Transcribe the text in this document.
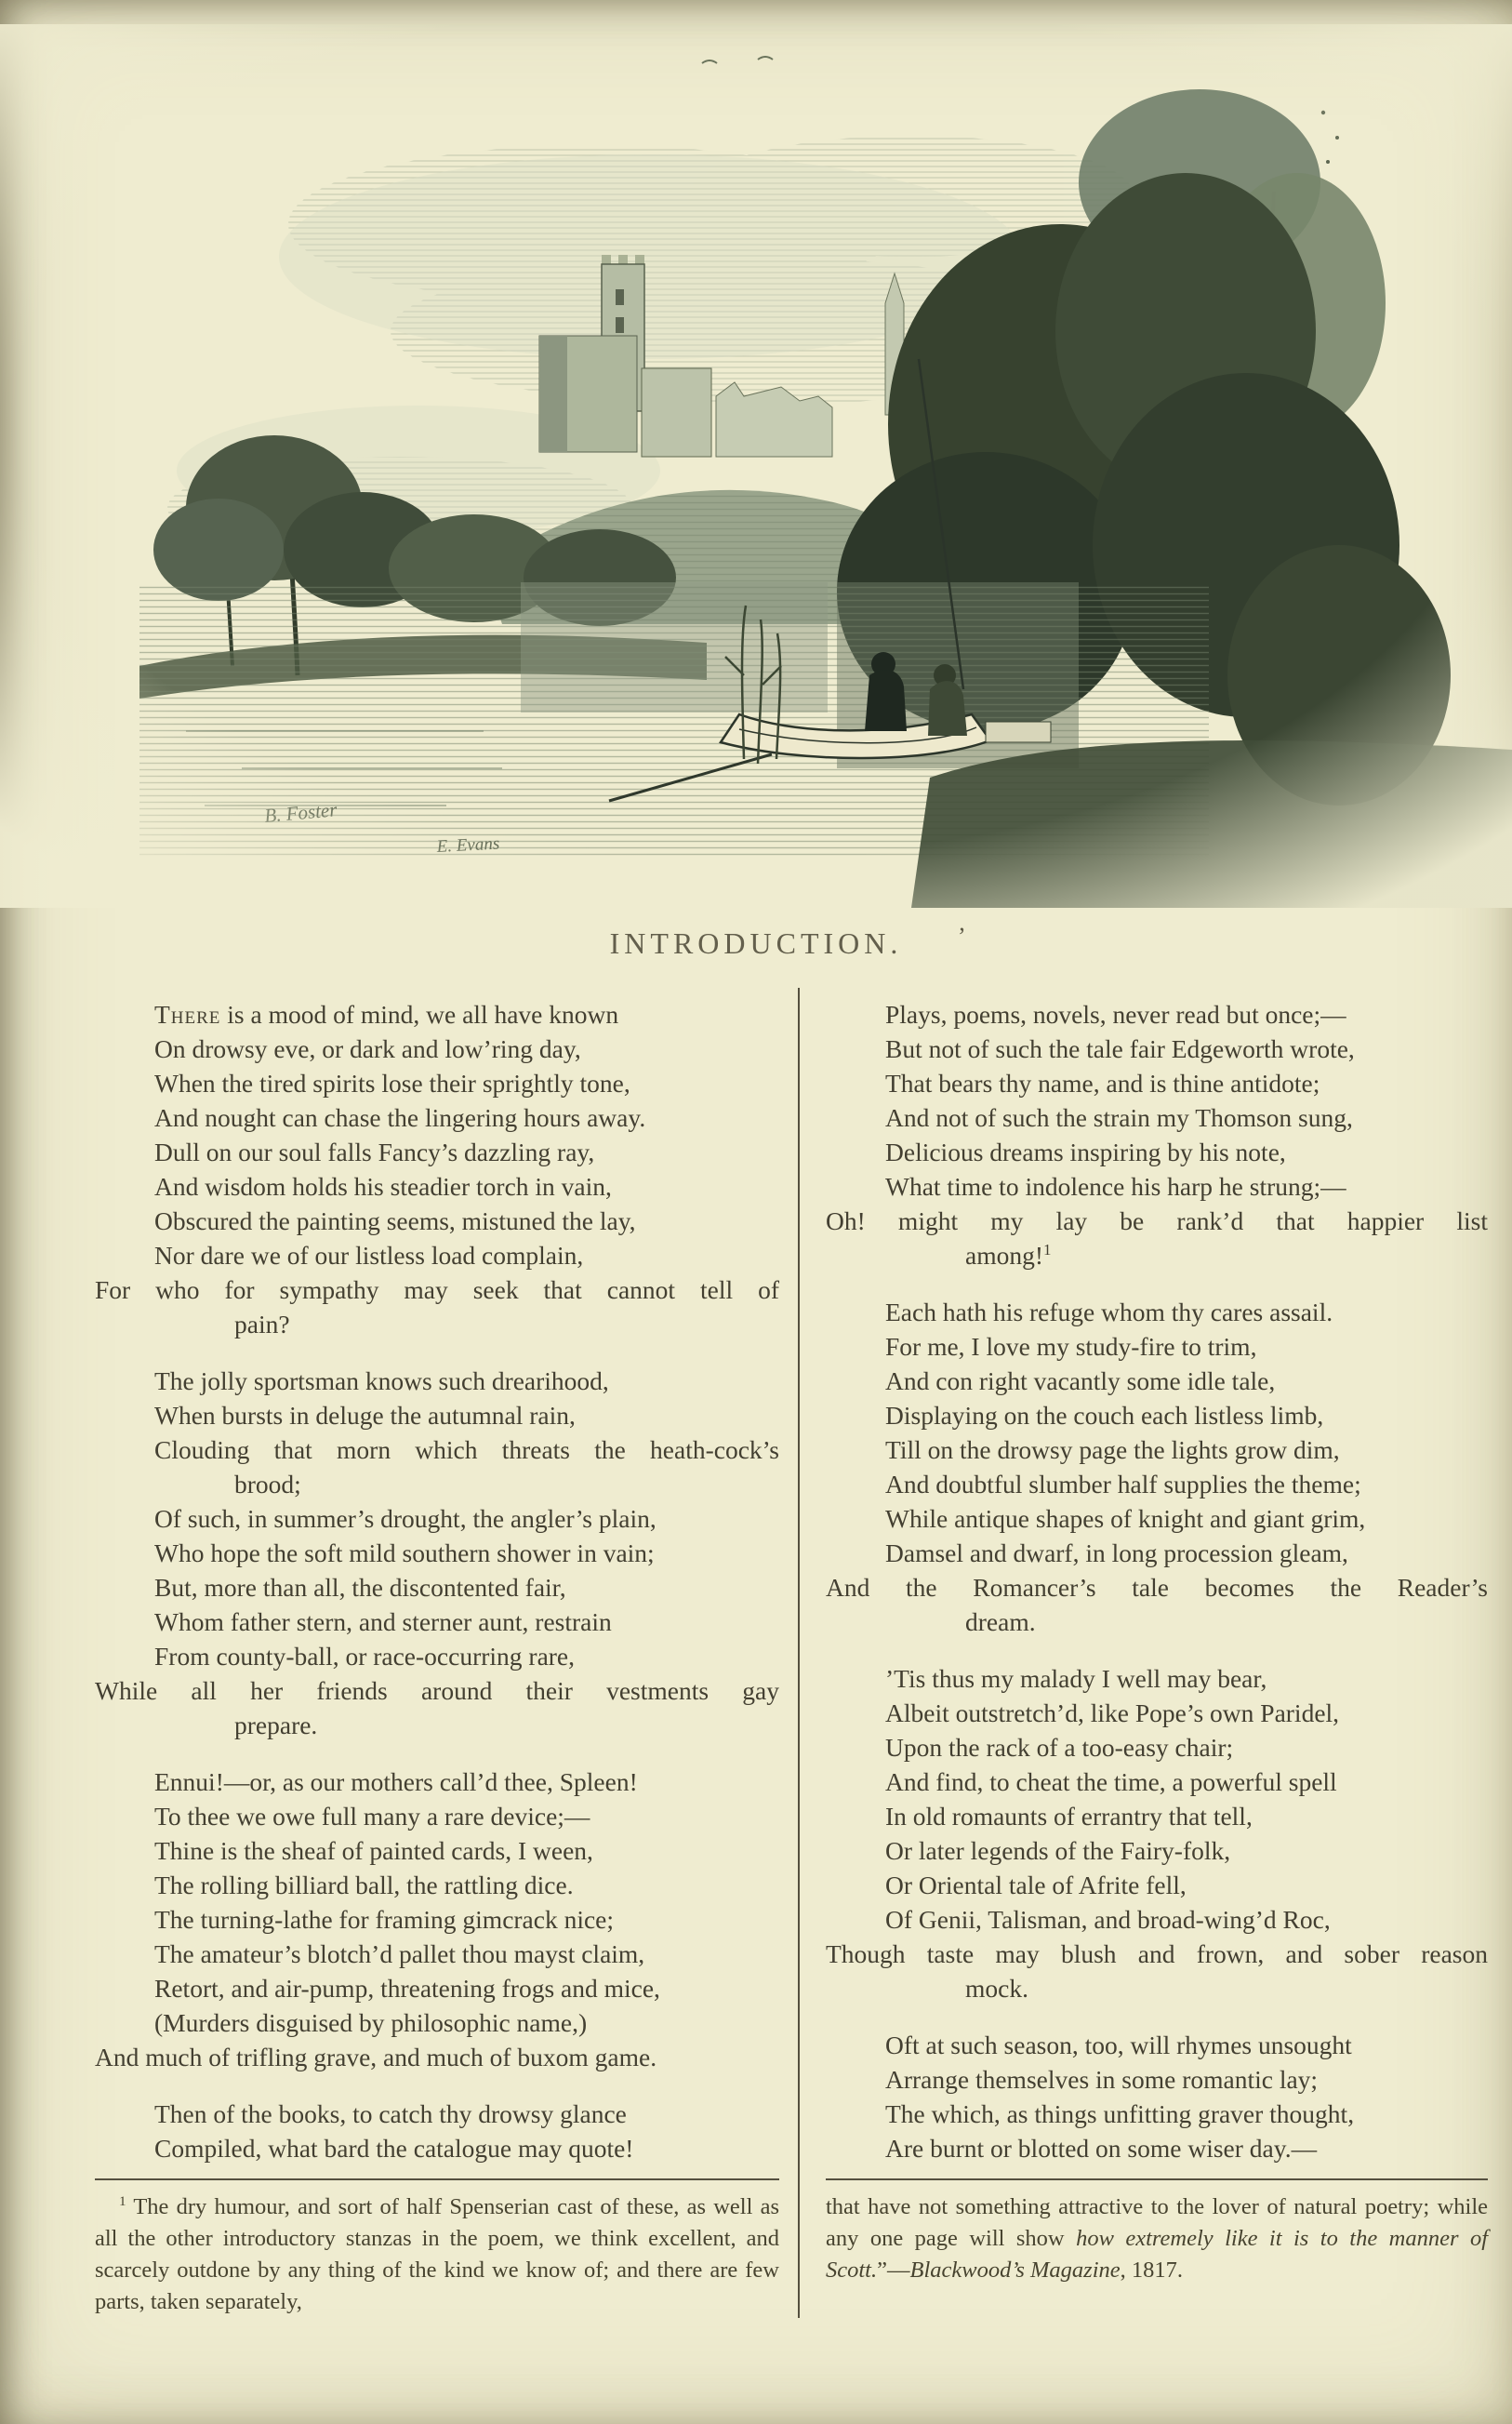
INTRODUCTION.	’
There is a mood of mind, we all have known
On drowsy eve, or dark and low’ring day,
When the tired spirits lose their sprightly tone,
And nought can chase the lingering hours away.
Dull on our soul falls Fancy’s dazzling ray,
And wisdom holds his steadier torch in vain,
Obscured the painting seems, mistuned the lay,
Nor dare we of our listless load complain,
For who for sympathy may seek that cannot tell of
pain?
The jolly sportsman knows such drearihood,
When bursts in deluge the autumnal rain,
Clouding that morn which threats the heath-cock’s
brood;
Of such, in summer’s drought, the angler’s plain,
Who hope the soft mild southern shower in vain;
But, more than all, the discontented fair,
Whom father stern, and sterner aunt, restrain
From county-ball, or race-occurring rare,
While all her friends around their vestments gay
prepare.
Ennui!—or, as our mothers call’d thee, Spleen!
To thee we owe full many a rare device;—
Thine is the sheaf of painted cards, I ween,
The rolling billiard ball, the rattling dice.
The turning-lathe for framing gimcrack nice;
The amateur’s blotch’d pallet thou mayst claim,
Retort, and air-pump, threatening frogs and mice,
(Murders disguised by philosophic name,)
And much of trifling grave, and much of buxom game.
Then of the books, to catch thy drowsy glance
Compiled, what bard the catalogue may quote!

$^1$ The dry humour, and sort of half Spenserian cast of these, as well as all the other introductory stanzas in the poem, we think excellent, and scarcely outdone by any thing of the kind we know of; and there are few parts, taken separately,

Plays, poems, novels, never read but once;—
But not of such the tale fair Edgeworth wrote,
That bears thy name, and is thine antidote;
And not of such the strain my Thomson sung,
Delicious dreams inspiring by his note,
What time to indolence his harp he strung;—
Oh! might my lay be rank’d that happier list
among!$^1$
Each hath his refuge whom thy cares assail.
For me, I love my study-fire to trim,
And con right vacantly some idle tale,
Displaying on the couch each listless limb,
Till on the drowsy page the lights grow dim,
And doubtful slumber half supplies the theme;
While antique shapes of knight and giant grim,
Damsel and dwarf, in long procession gleam,
And the Romancer’s tale becomes the Reader’s
dream.
’Tis thus my malady I well may bear,
Albeit outstretch’d, like Pope’s own Paridel,
Upon the rack of a too-easy chair;
And find, to cheat the time, a powerful spell
In old romaunts of errantry that tell,
Or later legends of the Fairy-folk,
Or Oriental tale of Afrite fell,
Of Genii, Talisman, and broad-wing’d Roc,
Though taste may blush and frown, and sober reason
mock.
Oft at such season, too, will rhymes unsought
Arrange themselves in some romantic lay;
The which, as things unfitting graver thought,
Are burnt or blotted on some wiser day.—

that have not something attractive to the lover of natural poetry; while any one page will show how extremely like it is to the manner of Scott.”—Blackwood’s Magazine, 1817.
